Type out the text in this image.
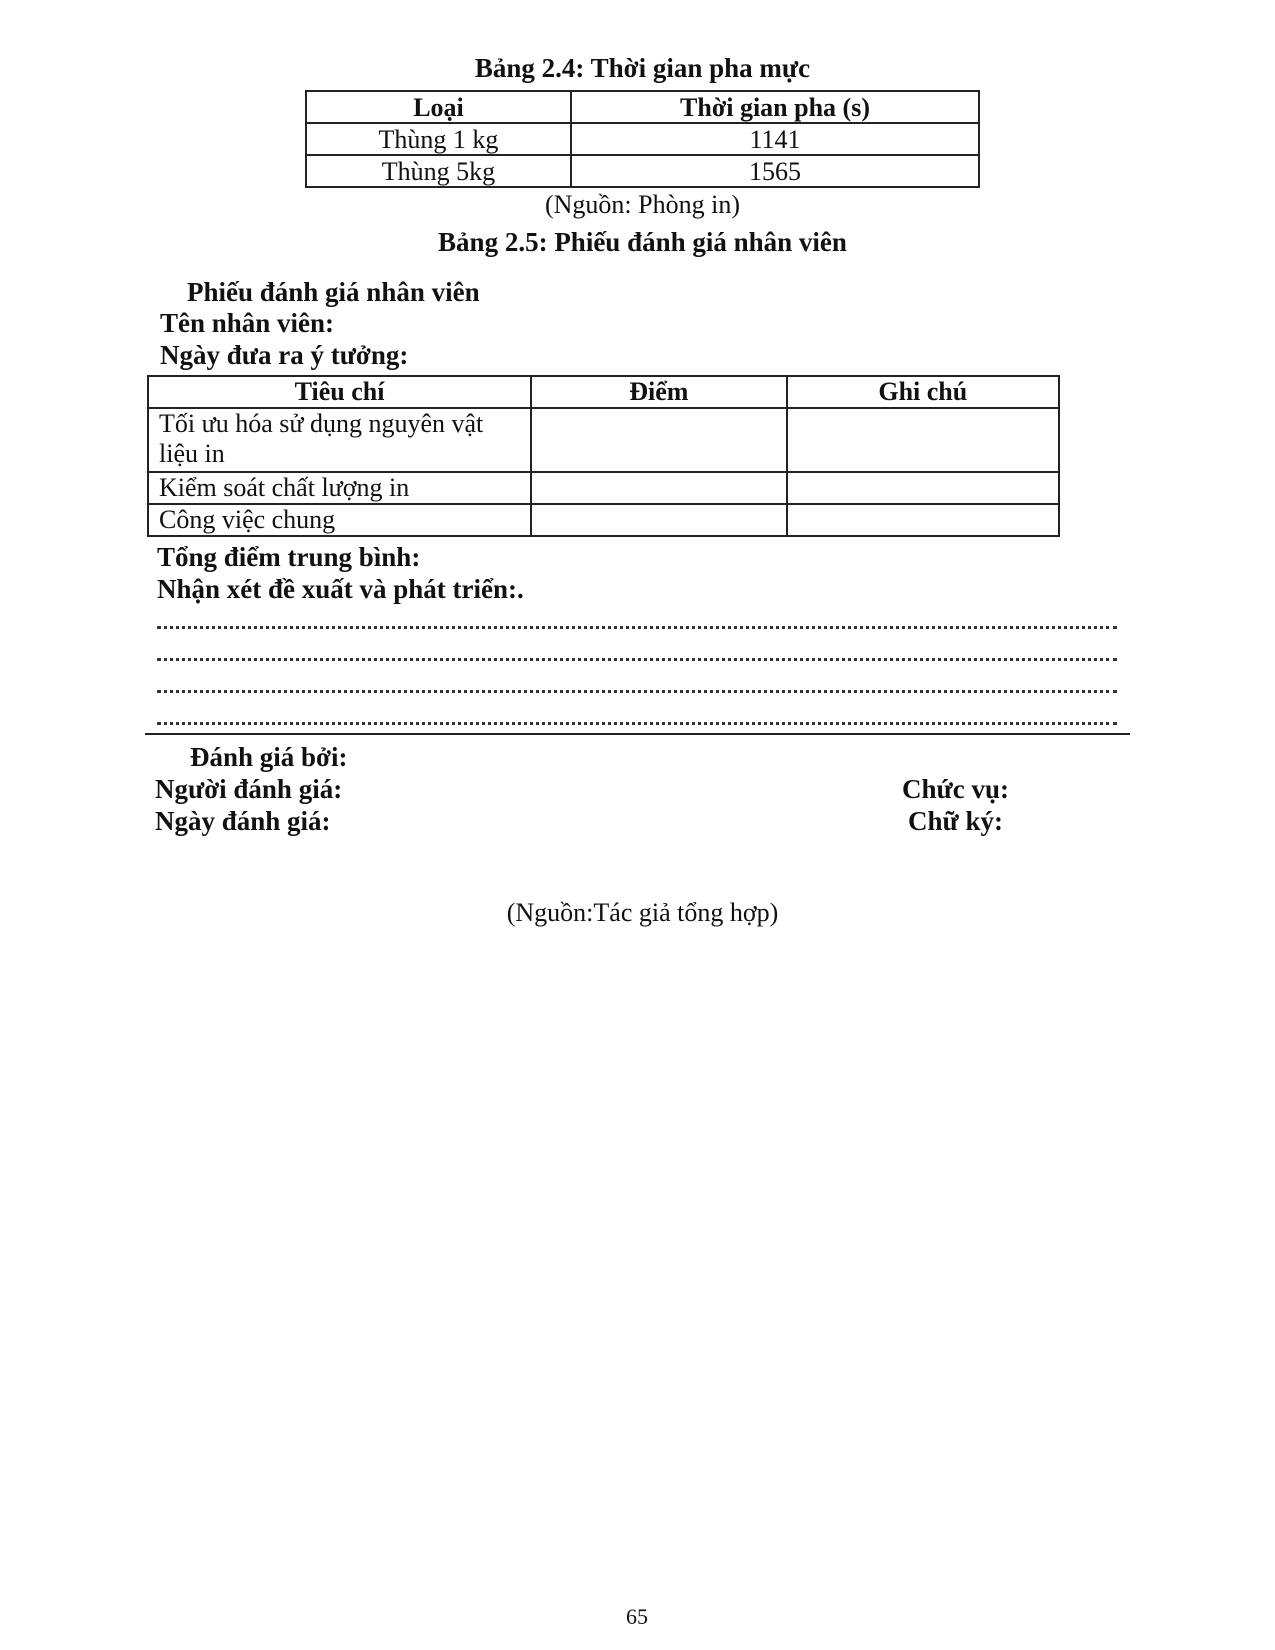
Bảng 2.4: Thời gian pha mực
Loại	Thời gian pha (s)
Thùng 1 kg	1141
Thùng 5kg	1565
(Nguồn: Phòng in)
Bảng 2.5: Phiếu đánh giá nhân viên
Phiếu đánh giá nhân viên
Tên nhân viên:
Ngày đưa ra ý tưởng:
Tiêu chí	Điểm	Ghi chú
Tối ưu hóa sử dụng nguyên vật liệu in		
Kiểm soát chất lượng in		
Công việc chung		
Tổng điểm trung bình:
Nhận xét đề xuất và phát triển:.
Đánh giá bởi:
Người đánh giá:	Chức vụ:
Ngày đánh giá:	Chữ ký:
(Nguồn:Tác giả tổng hợp)
65
